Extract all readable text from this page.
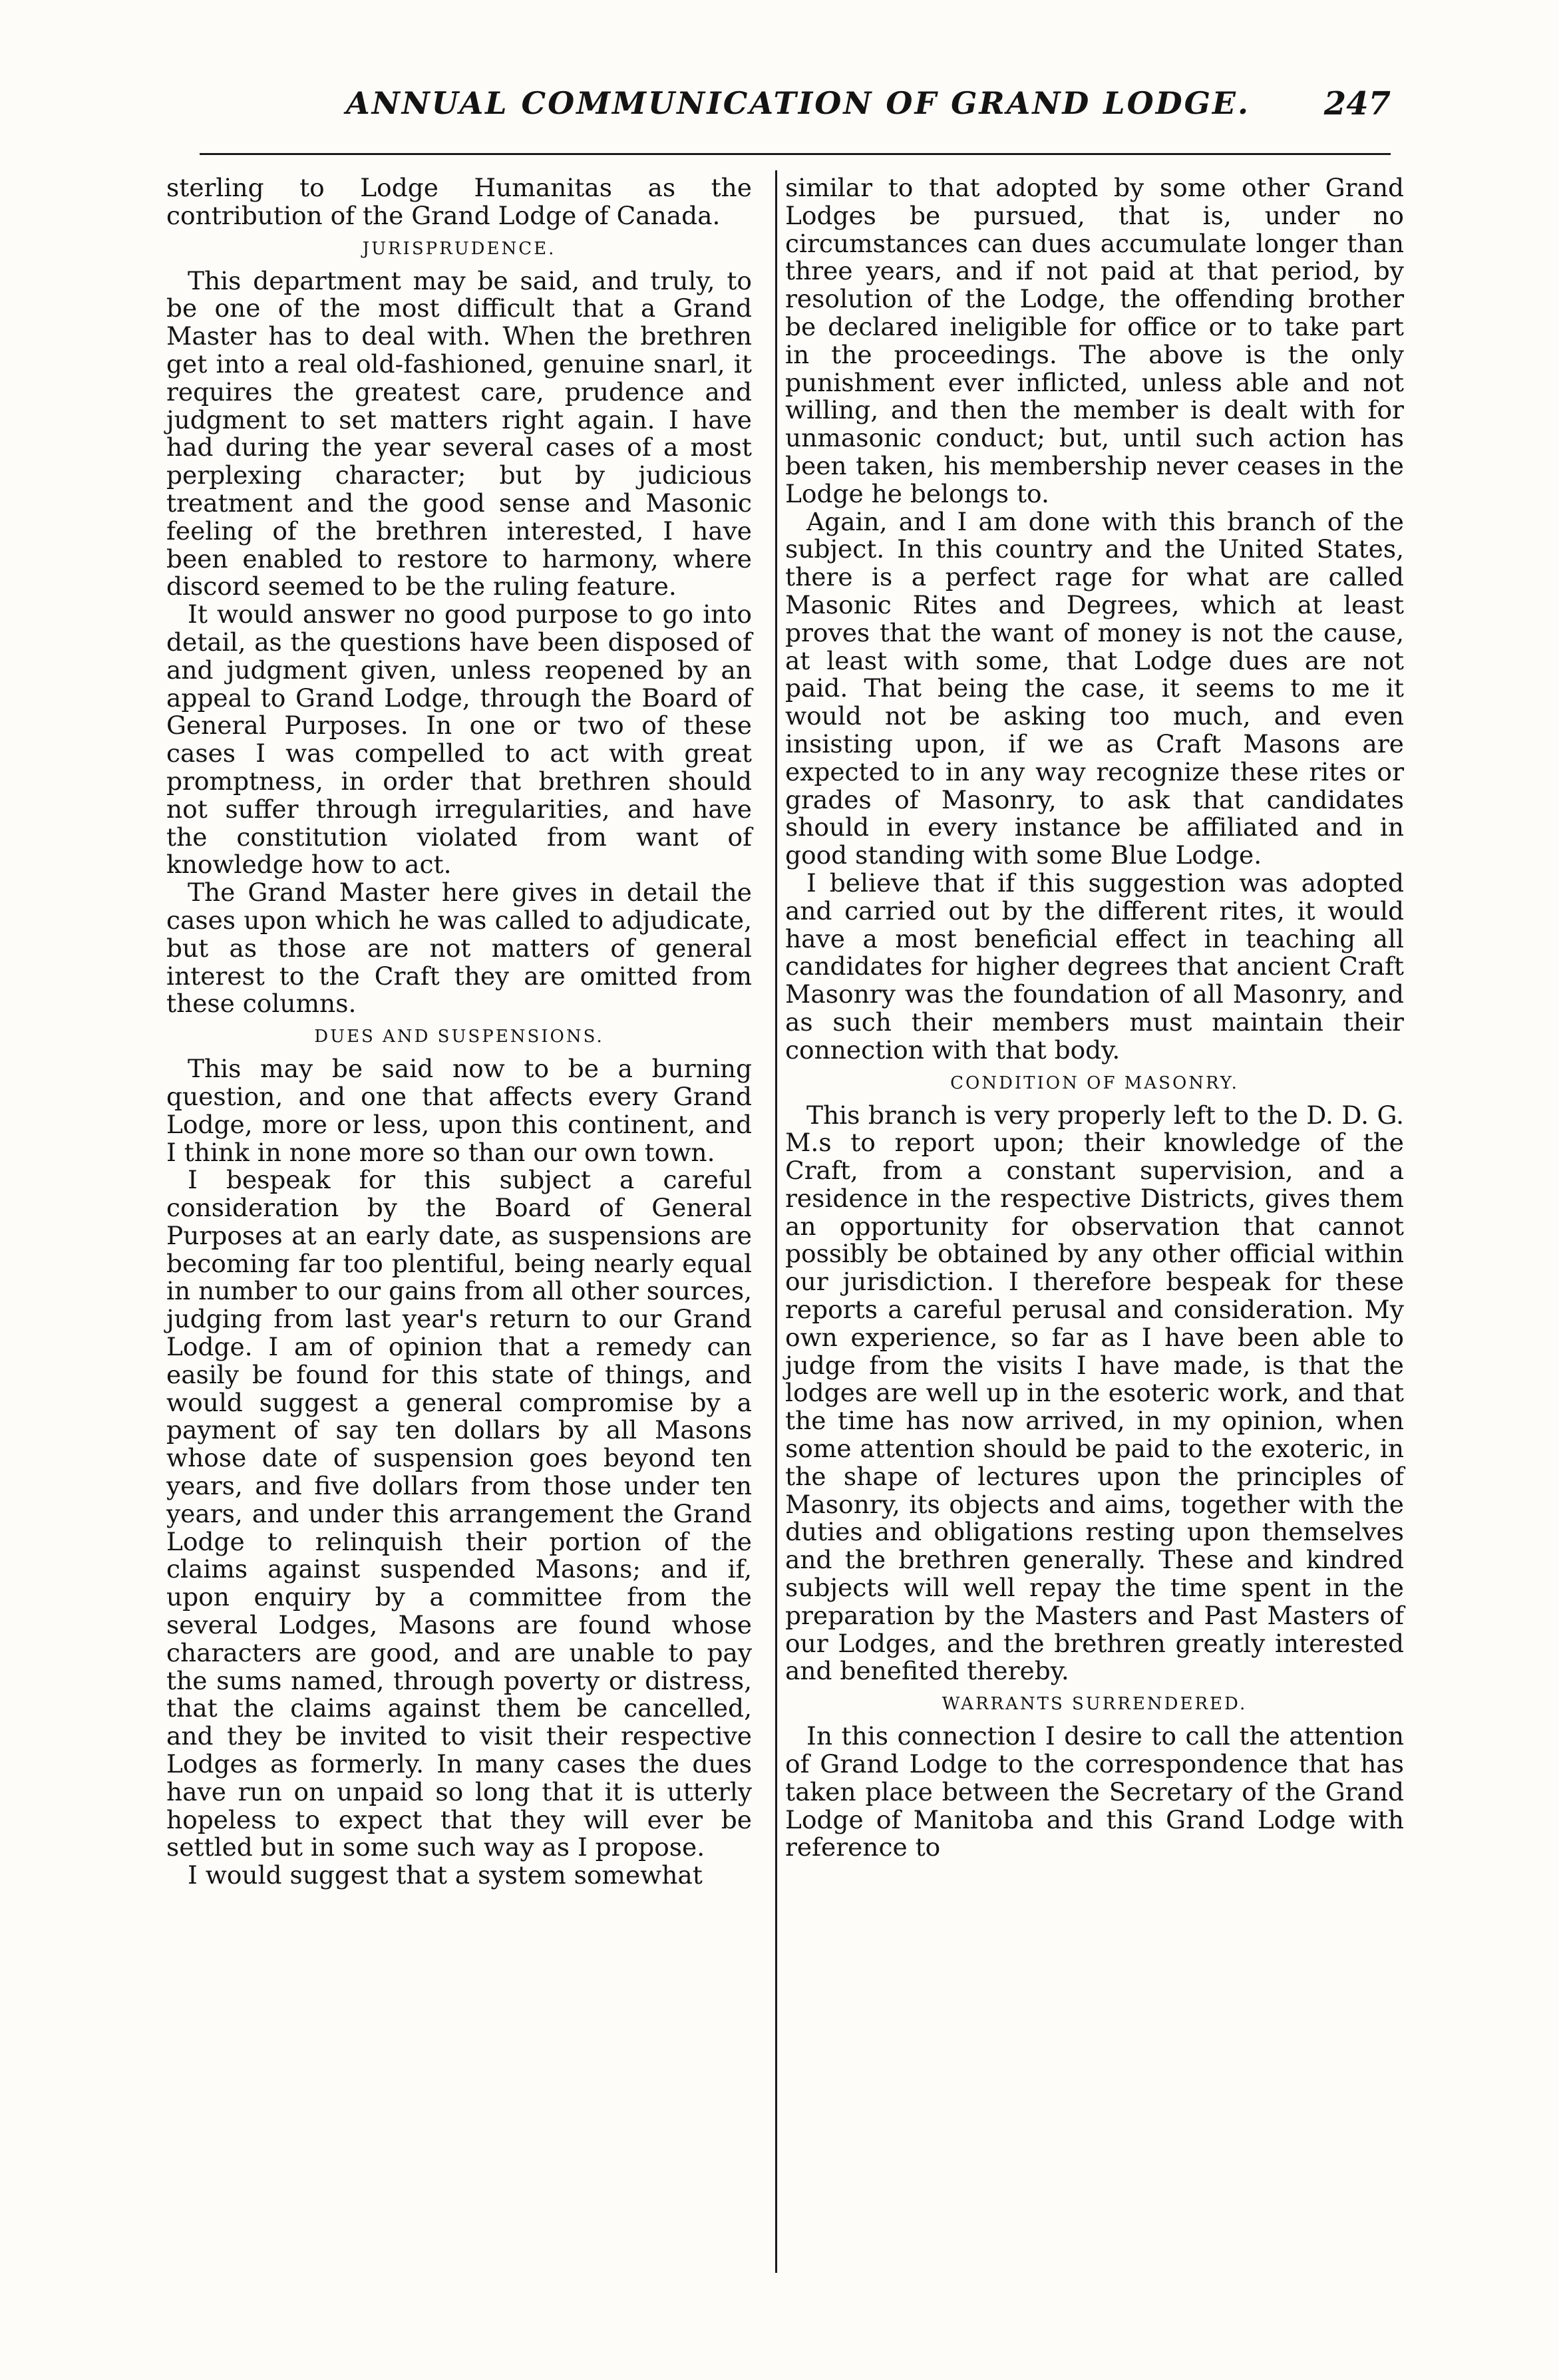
ANNUAL COMMUNICATION OF GRAND LODGE. 247

sterling to Lodge Humanitas as the contribution of the Grand Lodge of Canada.

JURISPRUDENCE.

This department may be said, and truly, to be one of the most difficult that a Grand Master has to deal with. When the brethren get into a real old-fashioned, genuine snarl, it requires the greatest care, prudence and judgment to set matters right again. I have had during the year several cases of a most perplexing character; but by judicious treatment and the good sense and Masonic feeling of the brethren interested, I have been enabled to restore to harmony, where discord seemed to be the ruling feature.

It would answer no good purpose to go into detail, as the questions have been disposed of and judgment given, unless reopened by an appeal to Grand Lodge, through the Board of General Purposes. In one or two of these cases I was compelled to act with great promptness, in order that brethren should not suffer through irregularities, and have the constitution violated from want of knowledge how to act.

The Grand Master here gives in detail the cases upon which he was called to adjudicate, but as those are not matters of general interest to the Craft they are omitted from these columns.

DUES AND SUSPENSIONS.

This may be said now to be a burning question, and one that affects every Grand Lodge, more or less, upon this continent, and I think in none more so than our own town.

I bespeak for this subject a careful consideration by the Board of General Purposes at an early date, as suspensions are becoming far too plentiful, being nearly equal in number to our gains from all other sources, judging from last year's return to our Grand Lodge. I am of opinion that a remedy can easily be found for this state of things, and would suggest a general compromise by a payment of say ten dollars by all Masons whose date of suspension goes beyond ten years, and five dollars from those under ten years, and under this arrangement the Grand Lodge to relinquish their portion of the claims against suspended Masons; and if, upon enquiry by a committee from the several Lodges, Masons are found whose characters are good, and are unable to pay the sums named, through poverty or distress, that the claims against them be cancelled, and they be invited to visit their respective Lodges as formerly. In many cases the dues have run on unpaid so long that it is utterly hopeless to expect that they will ever be settled but in some such way as I propose.

I would suggest that a system somewhat

similar to that adopted by some other Grand Lodges be pursued, that is, under no circumstances can dues accumulate longer than three years, and if not paid at that period, by resolution of the Lodge, the offending brother be declared ineligible for office or to take part in the proceedings. The above is the only punishment ever inflicted, unless able and not willing, and then the member is dealt with for unmasonic conduct; but, until such action has been taken, his membership never ceases in the Lodge he belongs to.

Again, and I am done with this branch of the subject. In this country and the United States, there is a perfect rage for what are called Masonic Rites and Degrees, which at least proves that the want of money is not the cause, at least with some, that Lodge dues are not paid. That being the case, it seems to me it would not be asking too much, and even insisting upon, if we as Craft Masons are expected to in any way recognize these rites or grades of Masonry, to ask that candidates should in every instance be affiliated and in good standing with some Blue Lodge.

I believe that if this suggestion was adopted and carried out by the different rites, it would have a most beneficial effect in teaching all candidates for higher degrees that ancient Craft Masonry was the foundation of all Masonry, and as such their members must maintain their connection with that body.

CONDITION OF MASONRY.

This branch is very properly left to the D. D. G. M.s to report upon; their knowledge of the Craft, from a constant supervision, and a residence in the respective Districts, gives them an opportunity for observation that cannot possibly be obtained by any other official within our jurisdiction. I therefore bespeak for these reports a careful perusal and consideration. My own experience, so far as I have been able to judge from the visits I have made, is that the lodges are well up in the esoteric work, and that the time has now arrived, in my opinion, when some attention should be paid to the exoteric, in the shape of lectures upon the principles of Masonry, its objects and aims, together with the duties and obligations resting upon themselves and the brethren generally. These and kindred subjects will well repay the time spent in the preparation by the Masters and Past Masters of our Lodges, and the brethren greatly interested and benefited thereby.

WARRANTS SURRENDERED.

In this connection I desire to call the attention of Grand Lodge to the correspondence that has taken place between the Secretary of the Grand Lodge of Manitoba and this Grand Lodge with reference to
